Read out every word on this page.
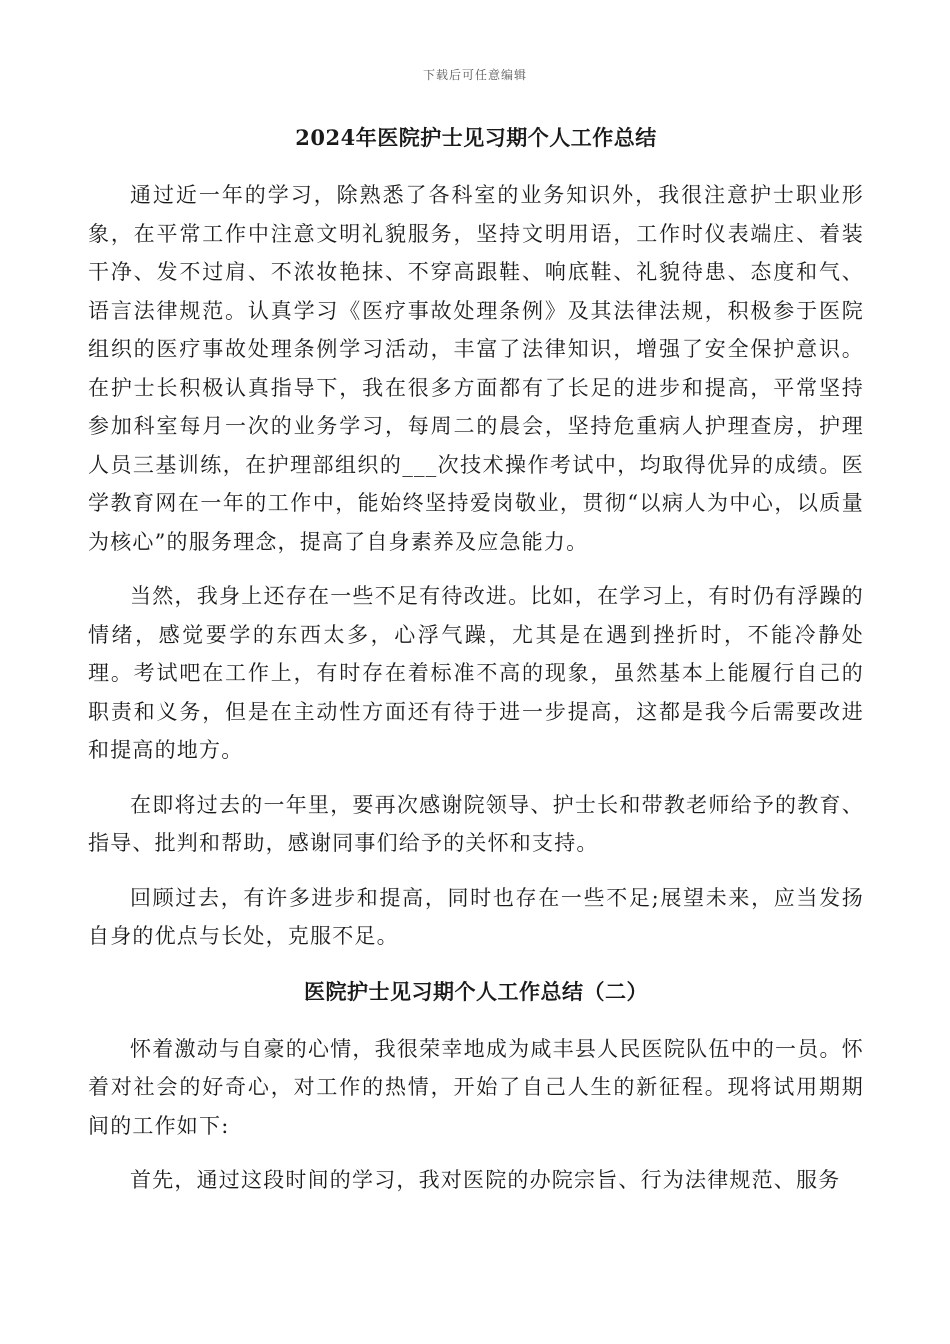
下载后可任意编辑
2024年医院护士见习期个人工作总结

通过近一年的学习，除熟悉了各科室的业务知识外，我很注意护士职业形象，在平常工作中注意文明礼貌服务，坚持文明用语，工作时仪表端庄、着装干净、发不过肩、不浓妆艳抹、不穿高跟鞋、响底鞋、礼貌待患、态度和气、语言法律规范。认真学习《医疗事故处理条例》及其法律法规，积极参于医院组织的医疗事故处理条例学习活动，丰富了法律知识，增强了安全保护意识。在护士长积极认真指导下，我在很多方面都有了长足的进步和提高，平常坚持参加科室每月一次的业务学习，每周二的晨会，坚持危重病人护理查房，护理人员三基训练，在护理部组织的___次技术操作考试中，均取得优异的成绩。医学教育网在一年的工作中，能始终坚持爱岗敬业，贯彻“以病人为中心，以质量为核心”的服务理念，提高了自身素养及应急能力。

当然，我身上还存在一些不足有待改进。比如，在学习上，有时仍有浮躁的情绪，感觉要学的东西太多，心浮气躁，尤其是在遇到挫折时，不能冷静处理。考试吧在工作上，有时存在着标准不高的现象，虽然基本上能履行自己的职责和义务，但是在主动性方面还有待于进一步提高，这都是我今后需要改进和提高的地方。

在即将过去的一年里，要再次感谢院领导、护士长和带教老师给予的教育、指导、批判和帮助，感谢同事们给予的关怀和支持。

回顾过去，有许多进步和提高，同时也存在一些不足;展望未来，应当发扬自身的优点与长处，克服不足。

医院护士见习期个人工作总结（二）

怀着激动与自豪的心情，我很荣幸地成为咸丰县人民医院队伍中的一员。怀着对社会的好奇心，对工作的热情，开始了自己人生的新征程。现将试用期期间的工作如下:

首先，通过这段时间的学习，我对医院的办院宗旨、行为法律规范、服务
